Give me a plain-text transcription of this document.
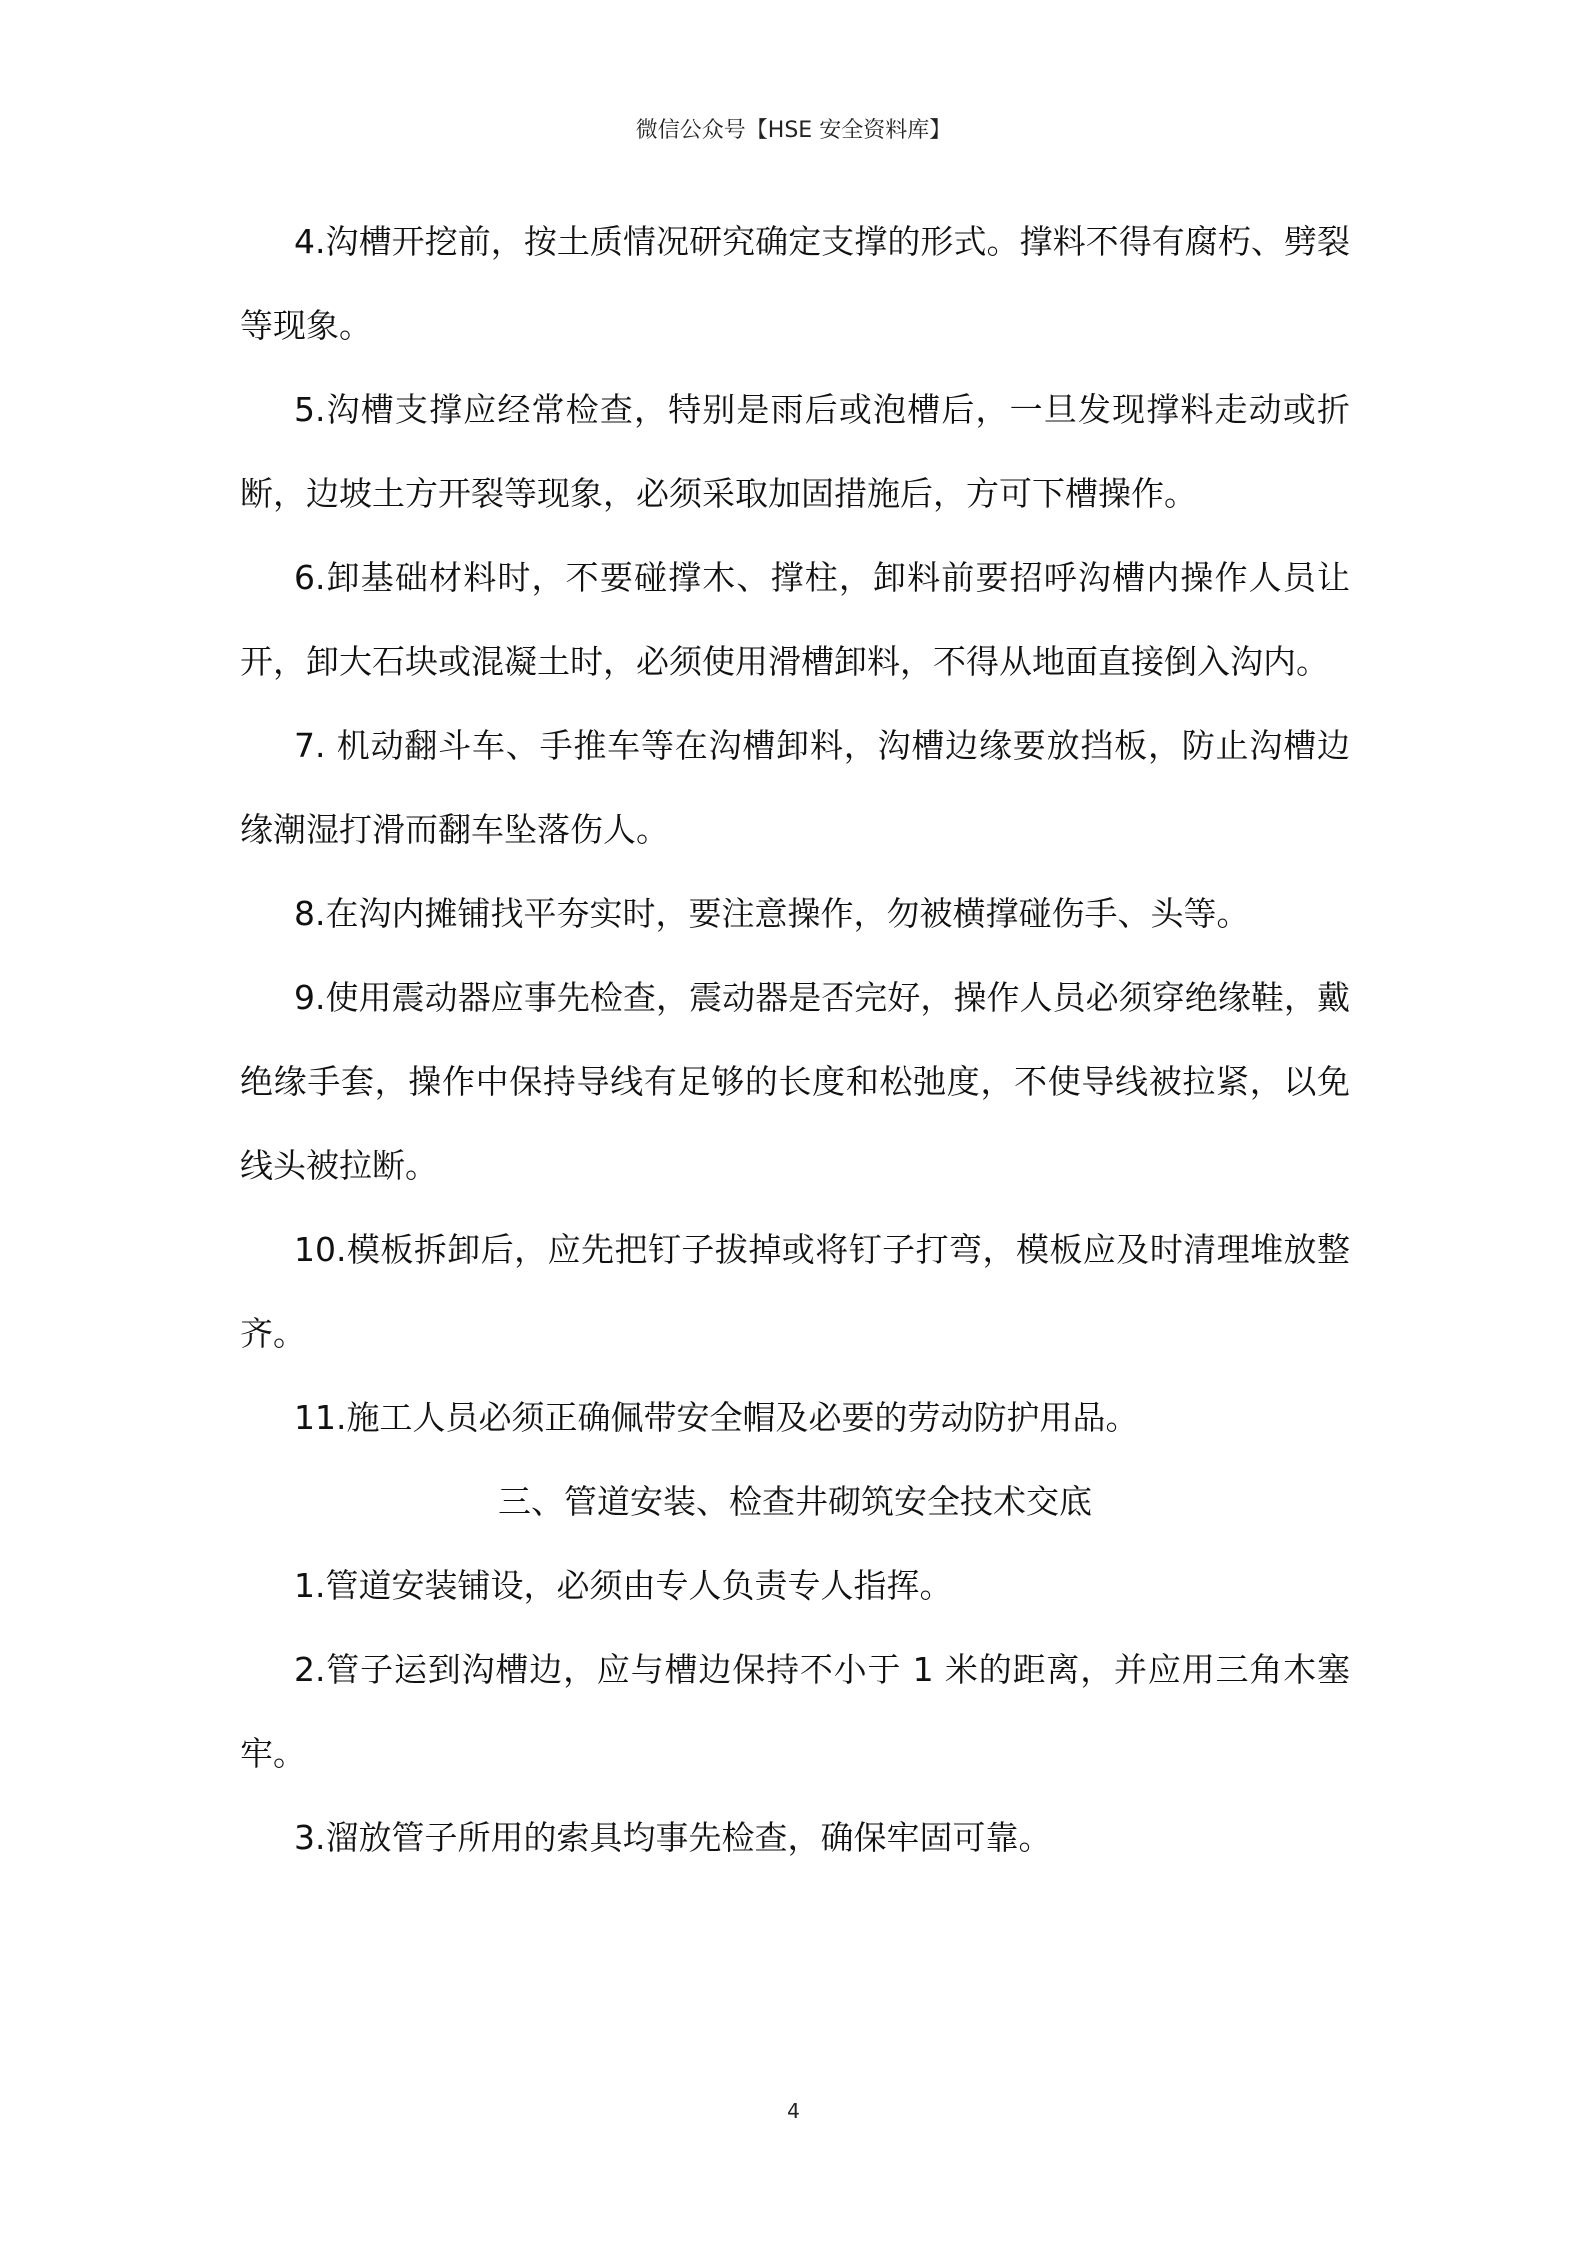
微信公众号【HSE 安全资料库】

4.沟槽开挖前，按土质情况研究确定支撑的形式。撑料不得有腐朽、劈裂等现象。

5.沟槽支撑应经常检查，特别是雨后或泡槽后，一旦发现撑料走动或折断，边坡土方开裂等现象，必须采取加固措施后，方可下槽操作。

6.卸基础材料时，不要碰撑木、撑柱，卸料前要招呼沟槽内操作人员让开，卸大石块或混凝土时，必须使用滑槽卸料，不得从地面直接倒入沟内。

7. 机动翻斗车、手推车等在沟槽卸料，沟槽边缘要放挡板，防止沟槽边缘潮湿打滑而翻车坠落伤人。

8.在沟内摊铺找平夯实时，要注意操作，勿被横撑碰伤手、头等。

9.使用震动器应事先检查，震动器是否完好，操作人员必须穿绝缘鞋，戴绝缘手套，操作中保持导线有足够的长度和松弛度，不使导线被拉紧，以免线头被拉断。

10.模板拆卸后，应先把钉子拔掉或将钉子打弯，模板应及时清理堆放整齐。

11.施工人员必须正确佩带安全帽及必要的劳动防护用品。

三、管道安装、检查井砌筑安全技术交底

1.管道安装铺设，必须由专人负责专人指挥。

2.管子运到沟槽边，应与槽边保持不小于 1 米的距离，并应用三角木塞牢。

3.溜放管子所用的索具均事先检查，确保牢固可靠。

4
